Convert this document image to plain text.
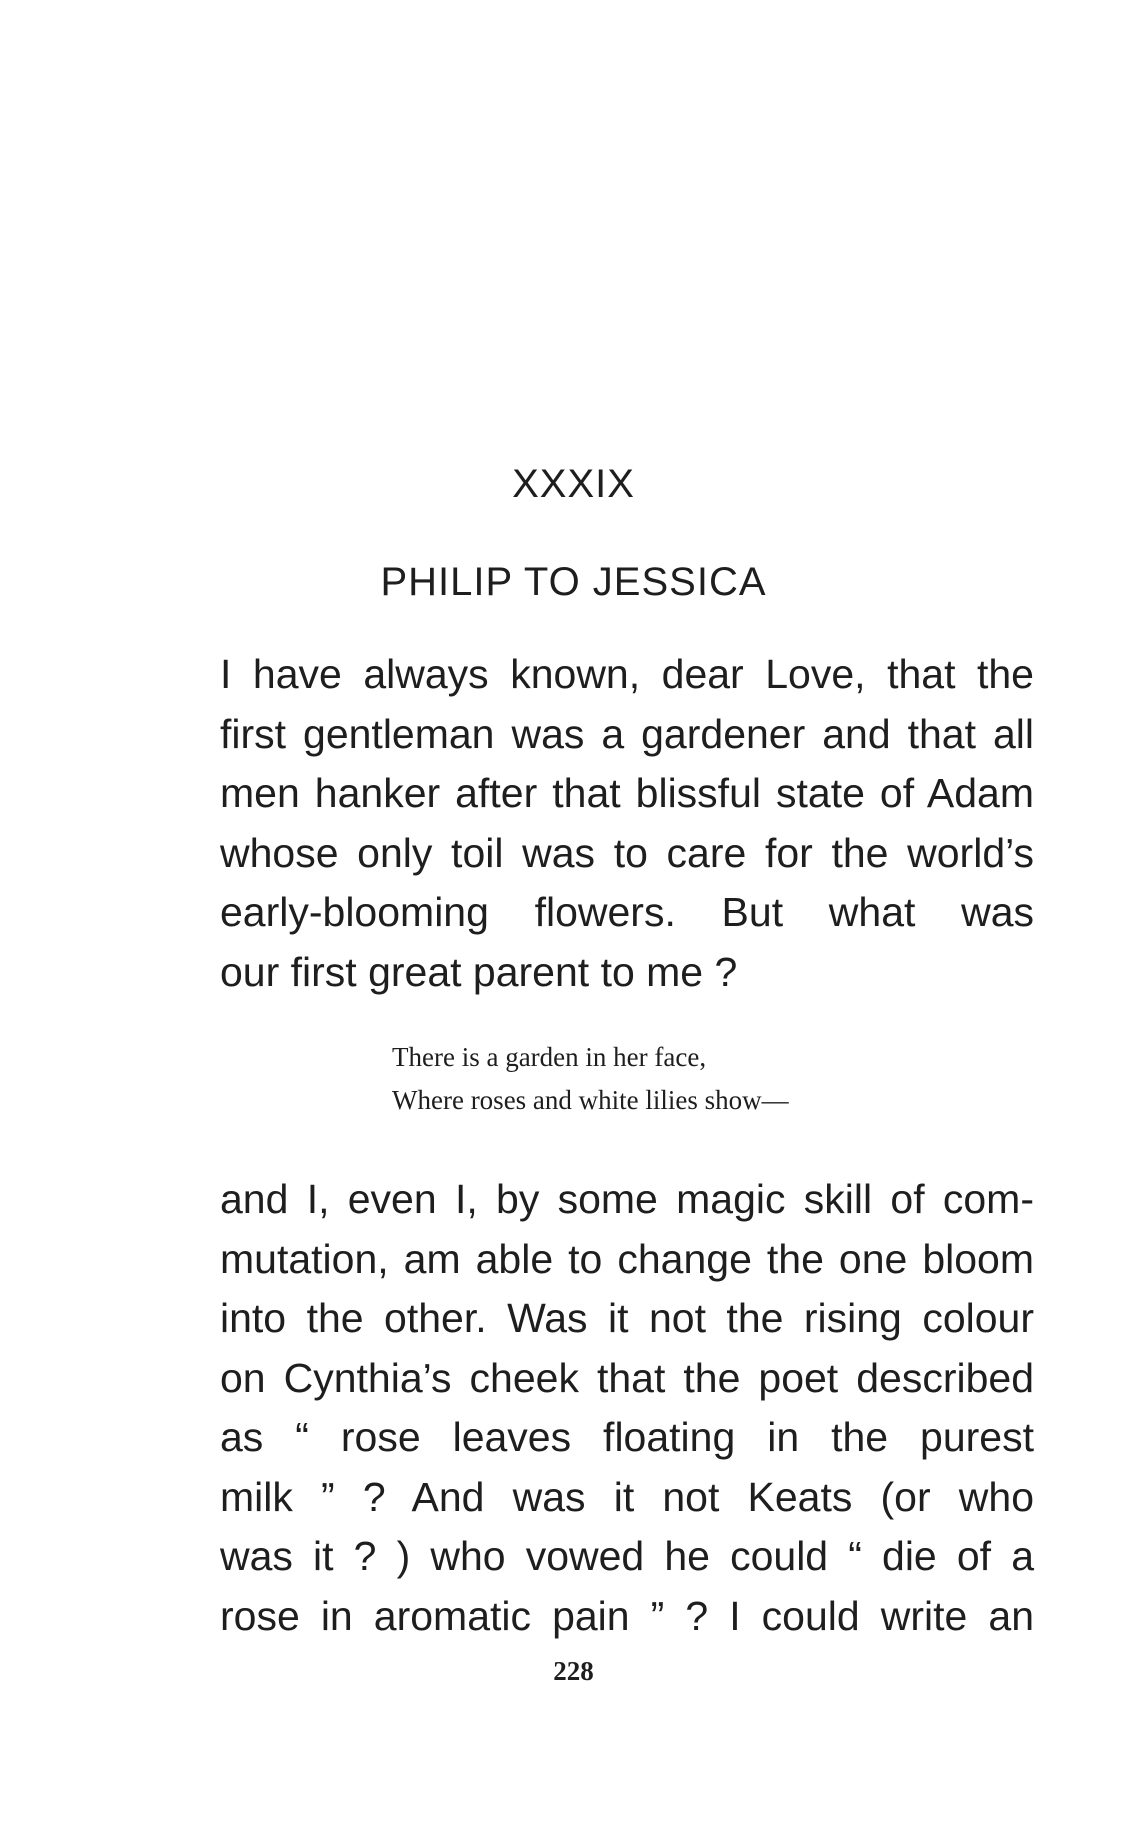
XXXIX
PHILIP TO JESSICA
I have always known, dear Love, that the
first gentleman was a gardener and that all
men hanker after that blissful state of Adam
whose only toil was to care for the world’s
early-blooming flowers. But what was
our first great parent to me ?
There is a garden in her face,
Where roses and white lilies show—
and I, even I, by some magic skill of com-
mutation, am able to change the one bloom
into the other. Was it not the rising colour
on Cynthia’s cheek that the poet described
as “ rose leaves floating in the purest
milk ” ? And was it not Keats (or who
was it ? ) who vowed he could “ die of a
rose in aromatic pain ” ? I could write an
228
